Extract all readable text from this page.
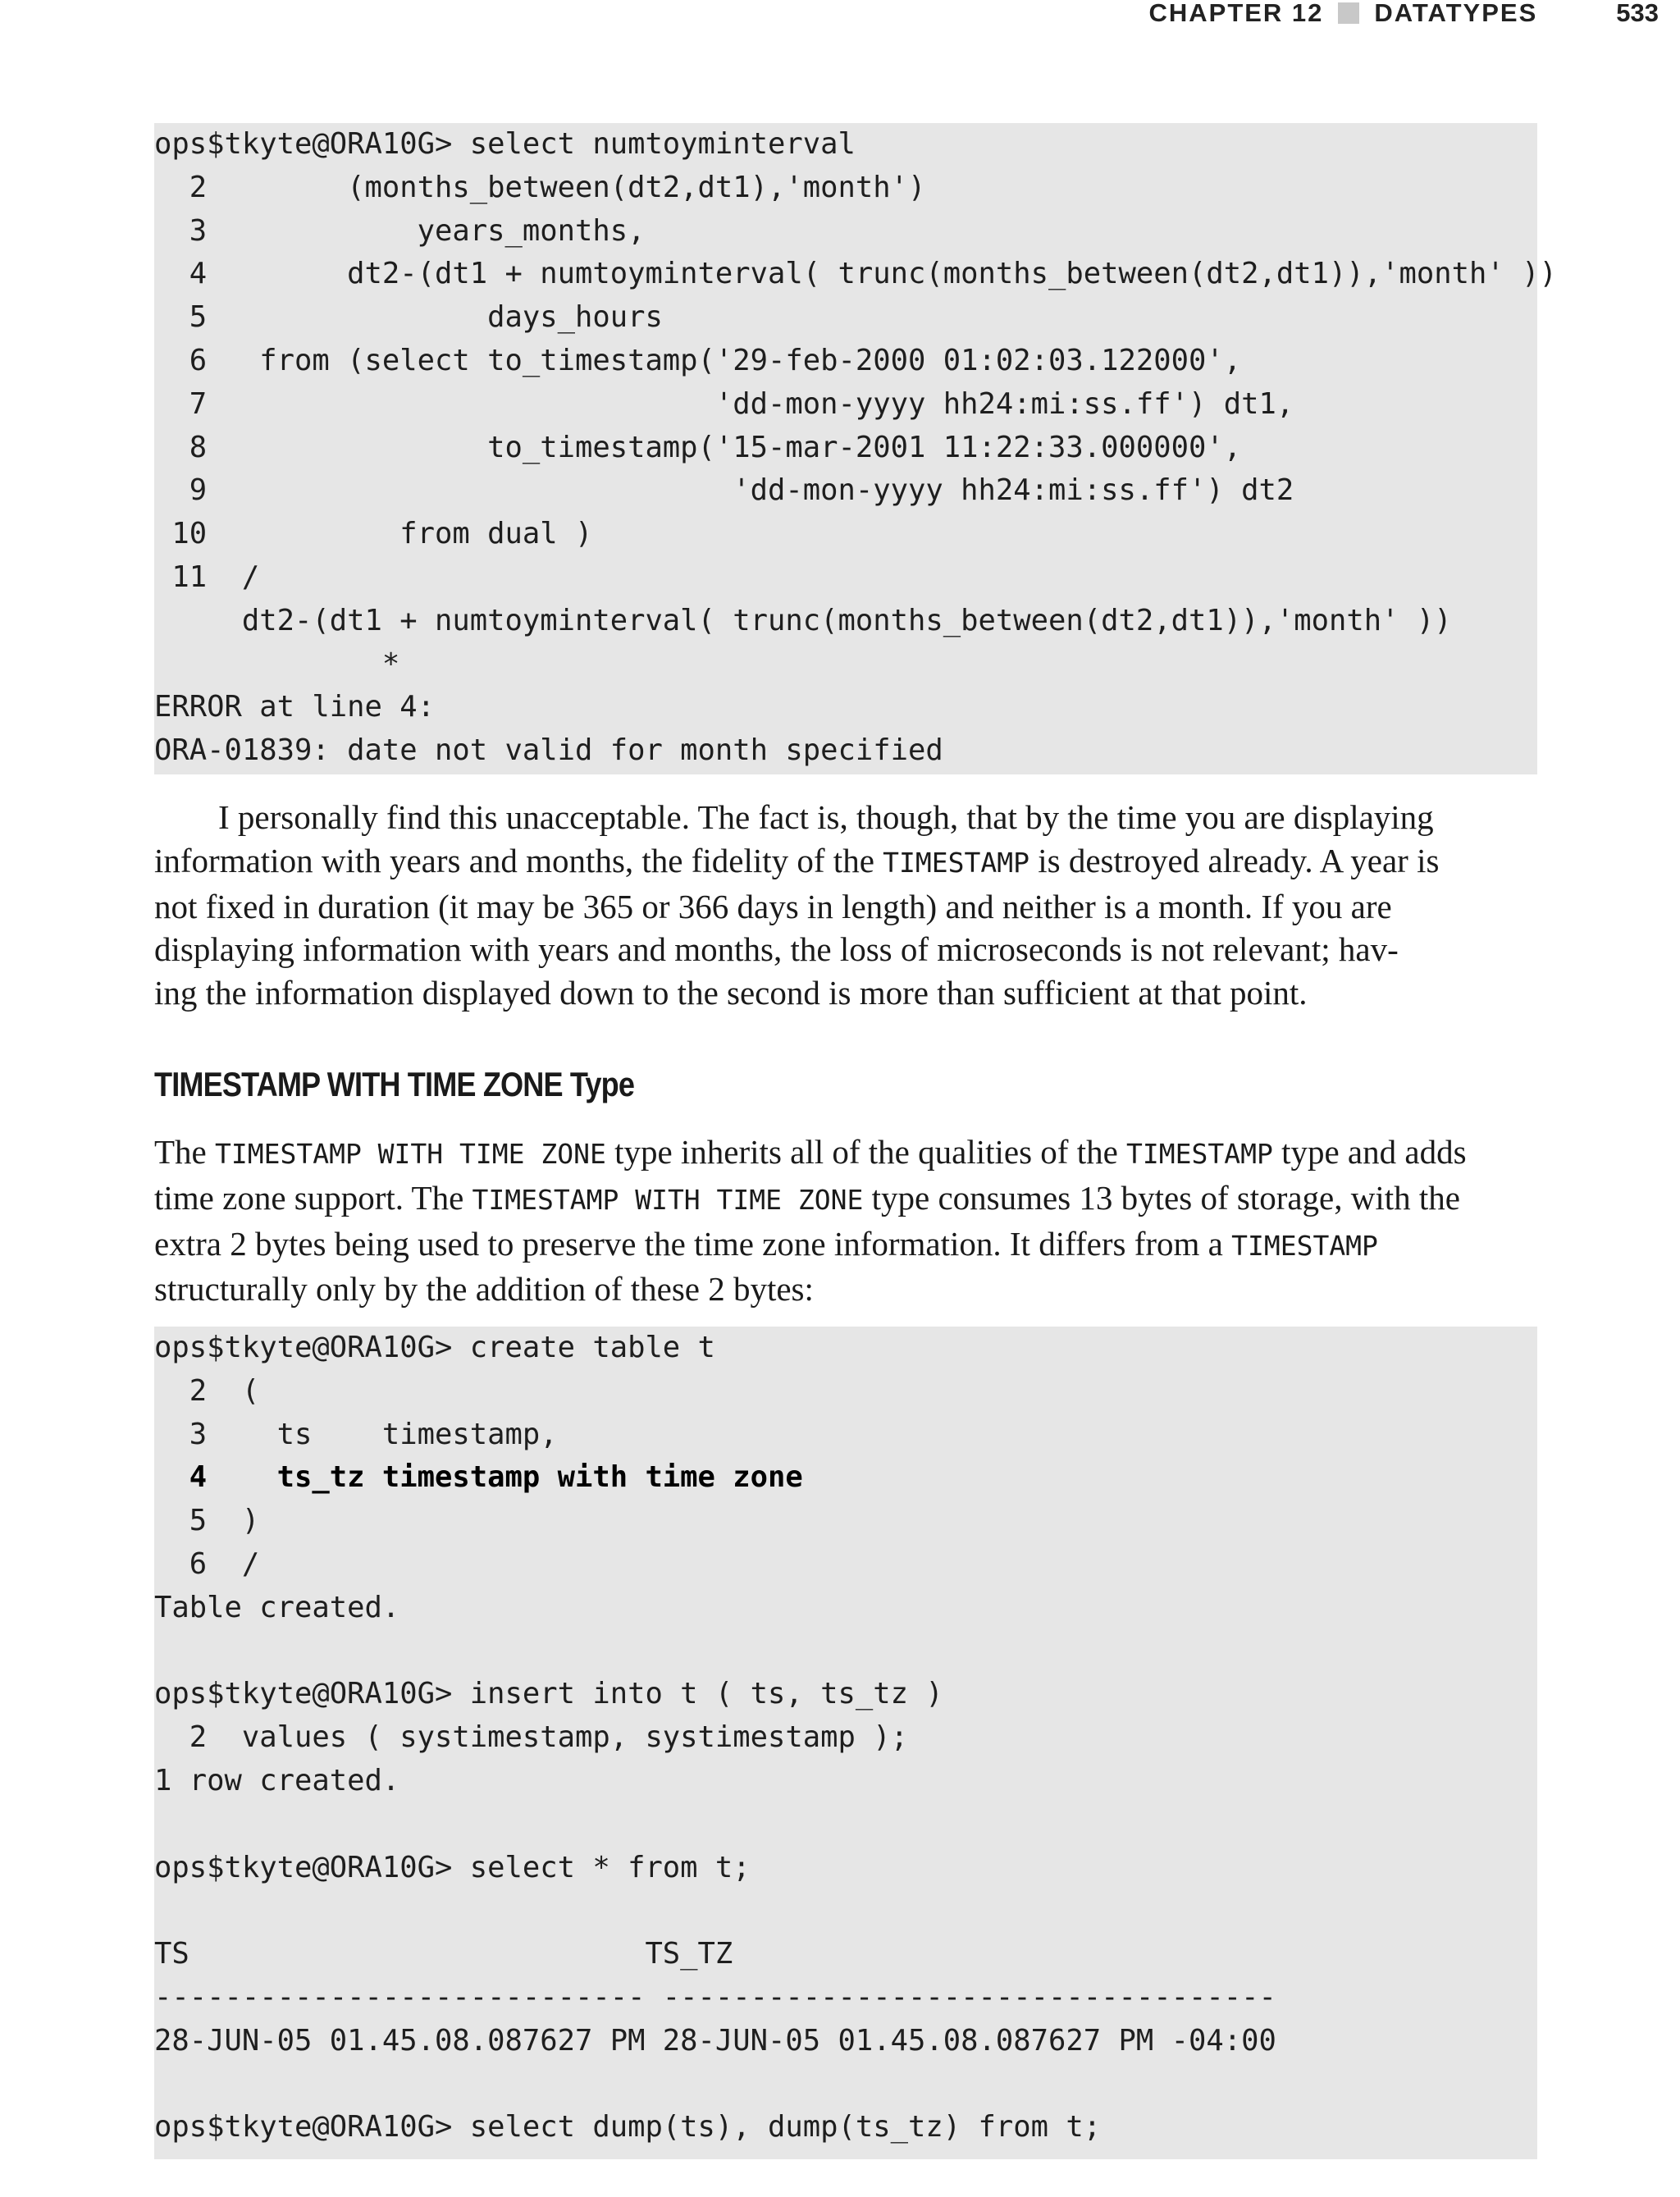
CHAPTER 12 DATATYPES	533
ops$tkyte@ORA10G> select numtoyminterval
2        (months_between(dt2,dt1),'month')
3            years_months,
4        dt2-(dt1 + numtoyminterval( trunc(months_between(dt2,dt1)),'month' ))
5                days_hours
6   from (select to_timestamp('29-feb-2000 01:02:03.122000',
7                             'dd-mon-yyyy hh24:mi:ss.ff') dt1,
8                to_timestamp('15-mar-2001 11:22:33.000000',
9                              'dd-mon-yyyy hh24:mi:ss.ff') dt2
10           from dual )
11  /
dt2-(dt1 + numtoyminterval( trunc(months_between(dt2,dt1)),'month' ))
*
ERROR at line 4:
ORA-01839: date not valid for month specified
I personally find this unacceptable. The fact is, though, that by the time you are displaying
information with years and months, the fidelity of the TIMESTAMP is destroyed already. A year is
not fixed in duration (it may be 365 or 366 days in length) and neither is a month. If you are
displaying information with years and months, the loss of microseconds is not relevant; hav-
ing the information displayed down to the second is more than sufficient at that point.
TIMESTAMP WITH TIME ZONE Type
The TIMESTAMP WITH TIME ZONE type inherits all of the qualities of the TIMESTAMP type and adds
time zone support. The TIMESTAMP WITH TIME ZONE type consumes 13 bytes of storage, with the
extra 2 bytes being used to preserve the time zone information. It differs from a TIMESTAMP
structurally only by the addition of these 2 bytes:
ops$tkyte@ORA10G> create table t
2  (
3    ts    timestamp,
4    ts_tz timestamp with time zone
5  )
6  /
Table created.
ops$tkyte@ORA10G> insert into t ( ts, ts_tz )
2  values ( systimestamp, systimestamp );
1 row created.
ops$tkyte@ORA10G> select * from t;
TS                          TS_TZ
---------------------------- -----------------------------------
28-JUN-05 01.45.08.087627 PM 28-JUN-05 01.45.08.087627 PM -04:00
ops$tkyte@ORA10G> select dump(ts), dump(ts_tz) from t;
